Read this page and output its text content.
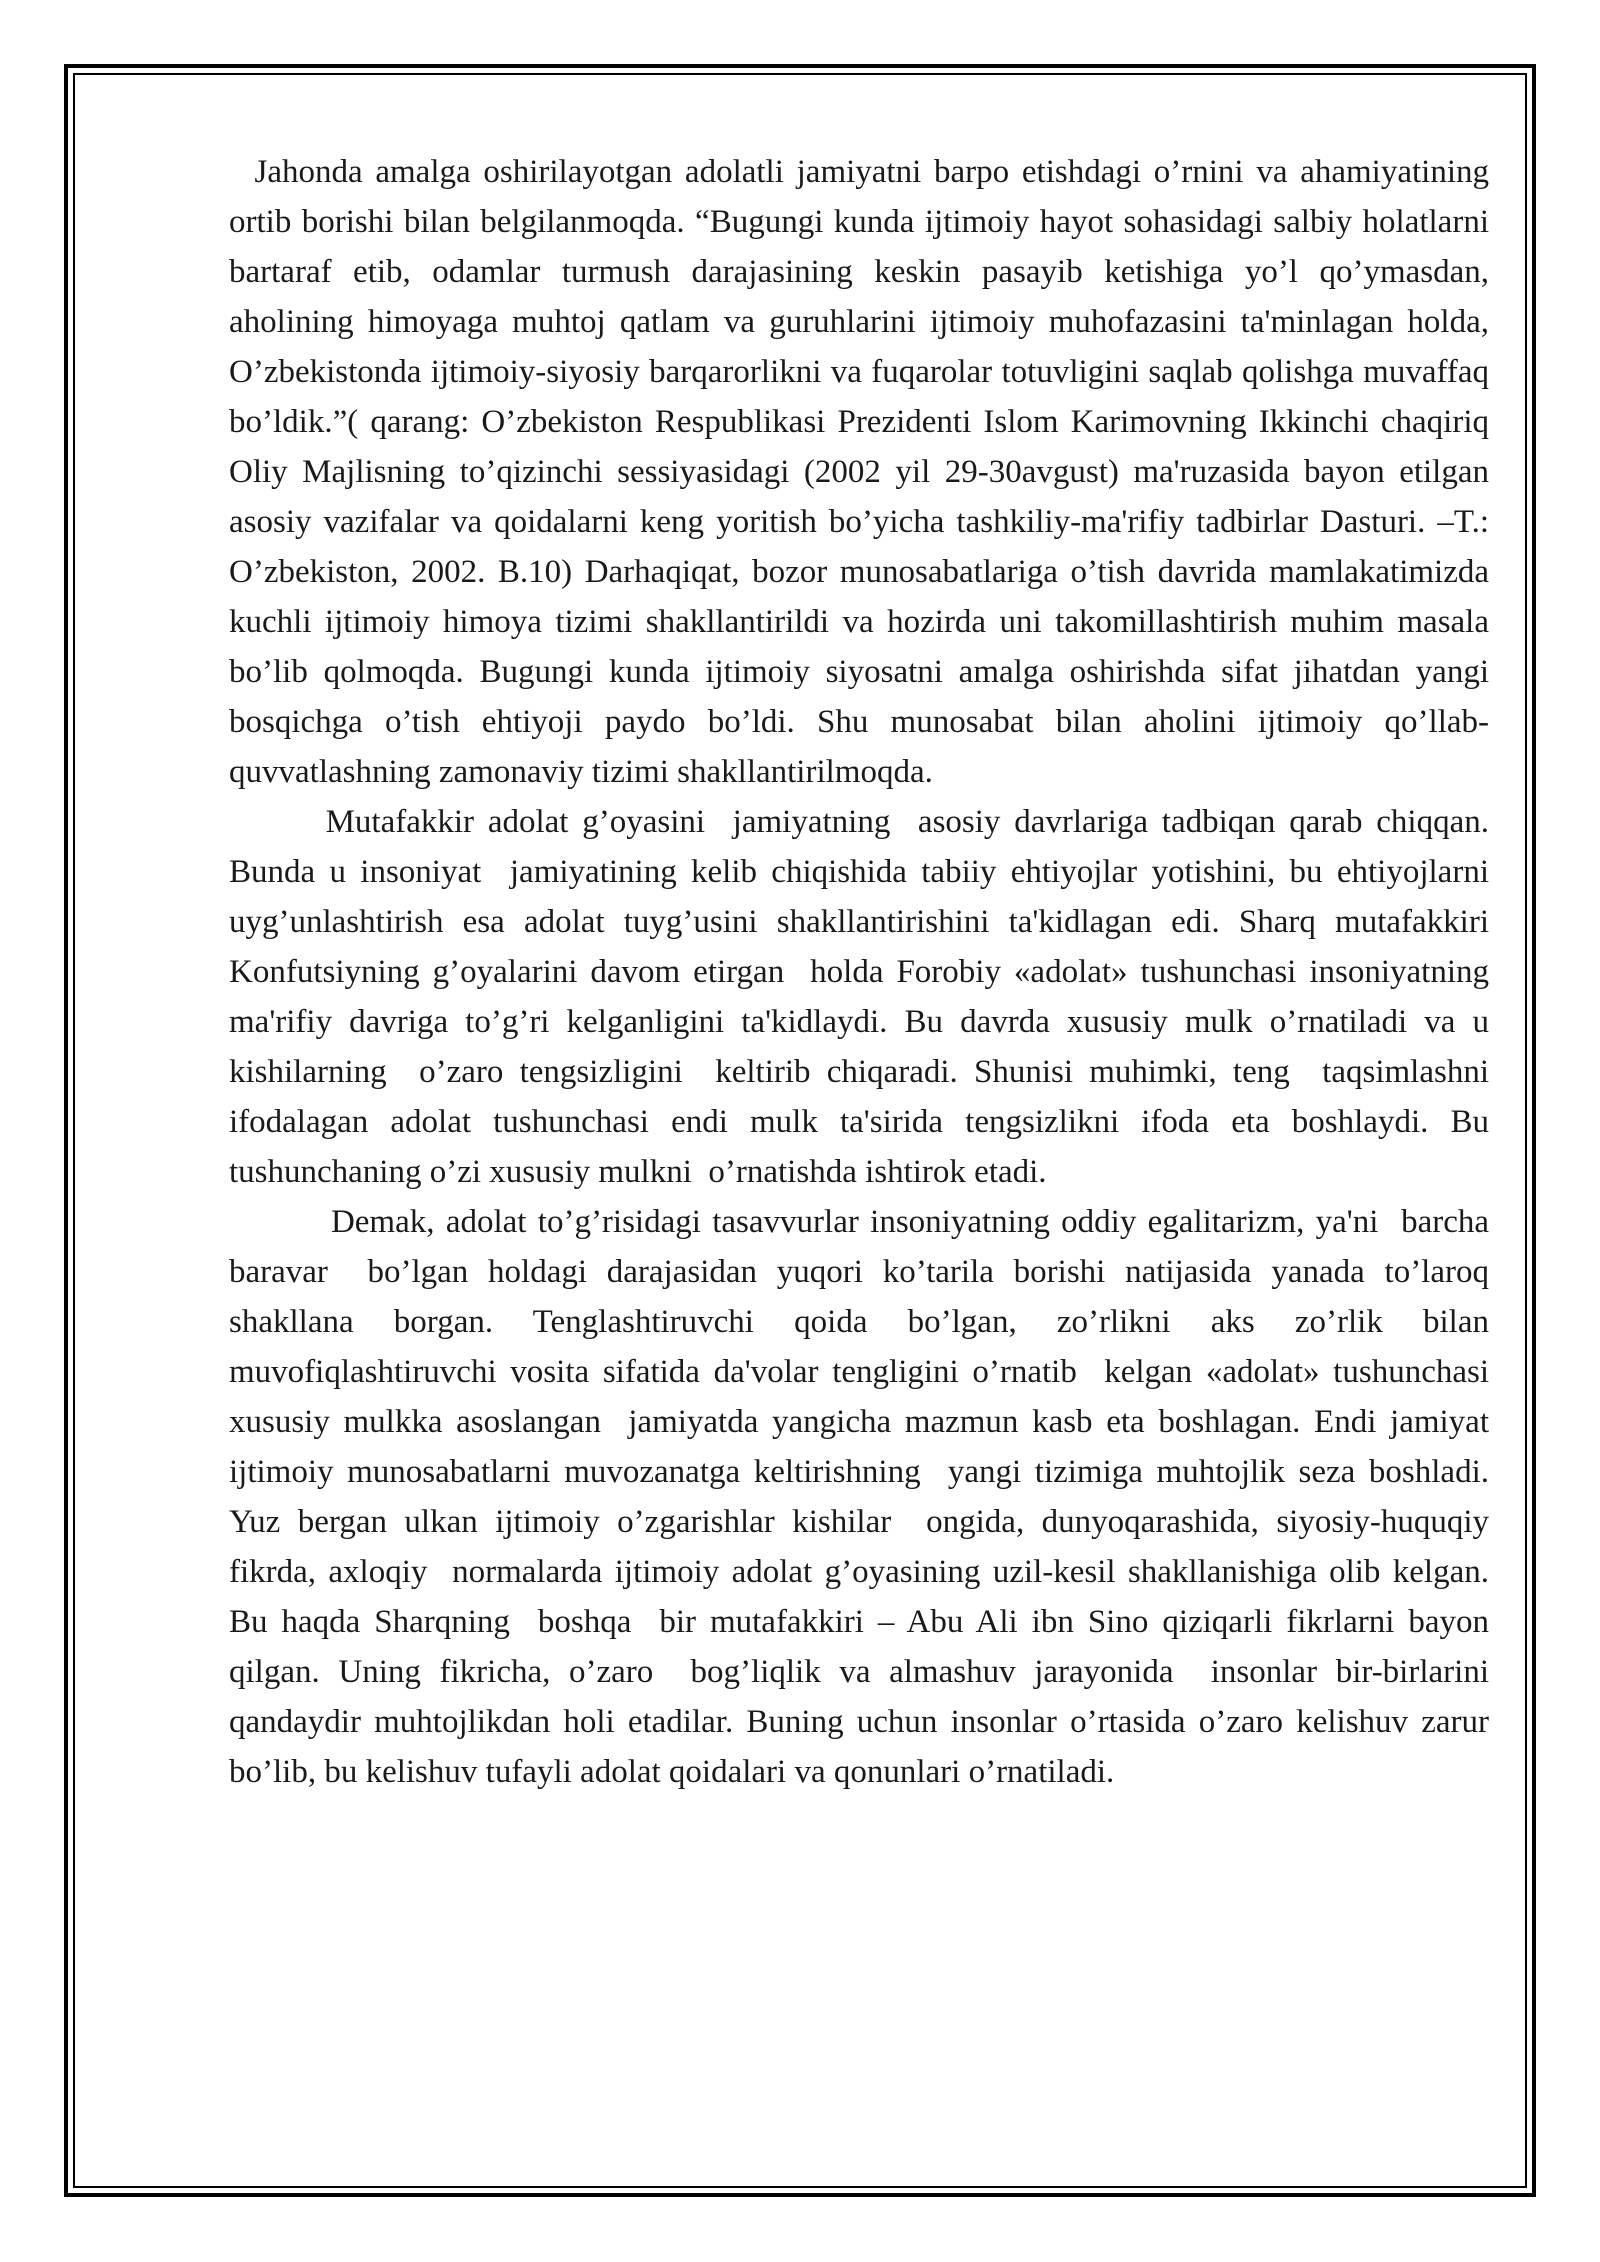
Jahonda amalga oshirilayotgan adolatli jamiyatni barpo etishdagi o’rnini va ahamiyatining ortib borishi bilan belgilanmoqda. “Bugungi kunda ijtimoiy hayot sohasidagi salbiy holatlarni bartaraf etib, odamlar turmush darajasining keskin pasayib ketishiga yo’l qo’ymasdan, aholining himoyaga muhtoj qatlam va guruhlarini ijtimoiy muhofazasini ta'minlagan holda, O’zbekistonda ijtimoiy-siyosiy barqarorlikni va fuqarolar totuvligini saqlab qolishga muvaffaq bo’ldik.”( qarang: O’zbekiston Respublikasi Prezidenti Islom Karimovning Ikkinchi chaqiriq Oliy Majlisning to’qizinchi sessiyasidagi (2002 yil 29-30avgust) ma'ruzasida bayon etilgan asosiy vazifalar va qoidalarni keng yoritish bo’yicha tashkiliy-ma'rifiy tadbirlar Dasturi. –T.: O’zbekiston, 2002. B.10) Darhaqiqat, bozor munosabatlariga o’tish davrida mamlakatimizda kuchli ijtimoiy himoya tizimi shakllantirildi va hozirda uni takomillashtirish muhim masala bo’lib qolmoqda. Bugungi kunda ijtimoiy siyosatni amalga oshirishda sifat jihatdan yangi bosqichga o’tish ehtiyoji paydo bo’ldi. Shu munosabat bilan aholini ijtimoiy qo’llab-quvvatlashning zamonaviy tizimi shakllantirilmoqda.

Mutafakkir adolat g’oyasini  jamiyatning  asosiy davrlariga tadbiqan qarab chiqqan. Bunda u insoniyat  jamiyatining kelib chiqishida tabiiy ehtiyojlar yotishini, bu ehtiyojlarni uyg’unlashtirish esa adolat tuyg’usini shakllantirishini ta'kidlagan edi. Sharq mutafakkiri Konfutsiyning g’oyalarini davom etirgan  holda Forobiy «adolat» tushunchasi insoniyatning ma'rifiy davriga to’g’ri kelganligini ta'kidlaydi. Bu davrda xususiy mulk o’rnatiladi va u  kishilarning  o’zaro tengsizligini  keltirib chiqaradi. Shunisi muhimki, teng  taqsimlashni  ifodalagan adolat tushunchasi endi mulk ta'sirida tengsizlikni ifoda eta boshlaydi. Bu tushunchaning o’zi xususiy mulkni  o’rnatishda ishtirok etadi.

Demak, adolat to’g’risidagi tasavvurlar insoniyatning oddiy egalitarizm, ya'ni  barcha baravar  bo’lgan holdagi darajasidan yuqori ko’tarila borishi natijasida yanada to’laroq shakllana borgan. Tenglashtiruvchi qoida bo’lgan, zo’rlikni aks zo’rlik bilan muvofiqlashtiruvchi vosita sifatida da'volar tengligini o’rnatib  kelgan «adolat» tushunchasi xususiy mulkka asoslangan  jamiyatda yangicha mazmun kasb eta boshlagan. Endi jamiyat ijtimoiy munosabatlarni muvozanatga keltirishning  yangi tizimiga muhtojlik seza boshladi.  Yuz bergan ulkan ijtimoiy o’zgarishlar kishilar  ongida, dunyoqarashida, siyosiy-huquqiy fikrda, axloqiy  normalarda ijtimoiy adolat g’oyasining uzil-kesil shakllanishiga olib kelgan. Bu haqda Sharqning  boshqa  bir mutafakkiri – Abu Ali ibn Sino qiziqarli fikrlarni bayon qilgan. Uning fikricha, o’zaro  bog’liqlik va almashuv jarayonida  insonlar bir-birlarini qandaydir muhtojlikdan holi etadilar. Buning uchun insonlar o’rtasida o’zaro kelishuv zarur bo’lib, bu kelishuv tufayli adolat qoidalari va qonunlari o’rnatiladi.
